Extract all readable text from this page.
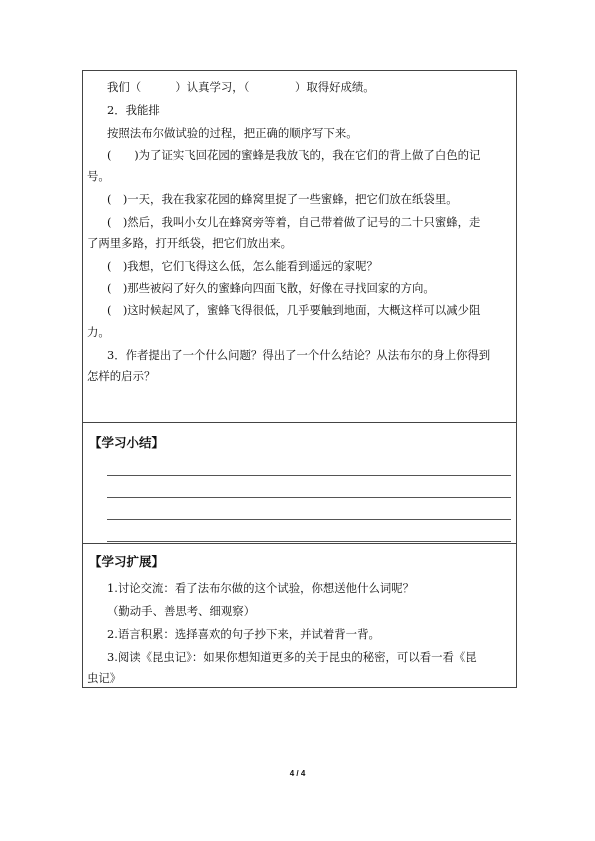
我们（　　　）认真学习，（　　　　）取得好成绩。
2．我能排
按照法布尔做试验的过程，把正确的顺序写下来。
(　　)为了证实飞回花园的蜜蜂是我放飞的，我在它们的背上做了白色的记
号。
(　)一天，我在我家花园的蜂窝里捉了一些蜜蜂，把它们放在纸袋里。
(　)然后，我叫小女儿在蜂窝旁等着，自己带着做了记号的二十只蜜蜂，走
了两里多路，打开纸袋，把它们放出来。
(　)我想，它们飞得这么低，怎么能看到遥远的家呢？
(　)那些被闷了好久的蜜蜂向四面飞散，好像在寻找回家的方向。
(　)这时候起风了，蜜蜂飞得很低，几乎要触到地面，大概这样可以减少阻
力。
3．作者提出了一个什么问题？得出了一个什么结论？从法布尔的身上你得到
怎样的启示？
【学习小结】
【学习扩展】
1.讨论交流：看了法布尔做的这个试验，你想送他什么词呢？
（勤动手、善思考、细观察）
2.语言积累：选择喜欢的句子抄下来，并试着背一背。
3.阅读《昆虫记》：如果你想知道更多的关于昆虫的秘密，可以看一看《昆
虫记》
4 / 4
